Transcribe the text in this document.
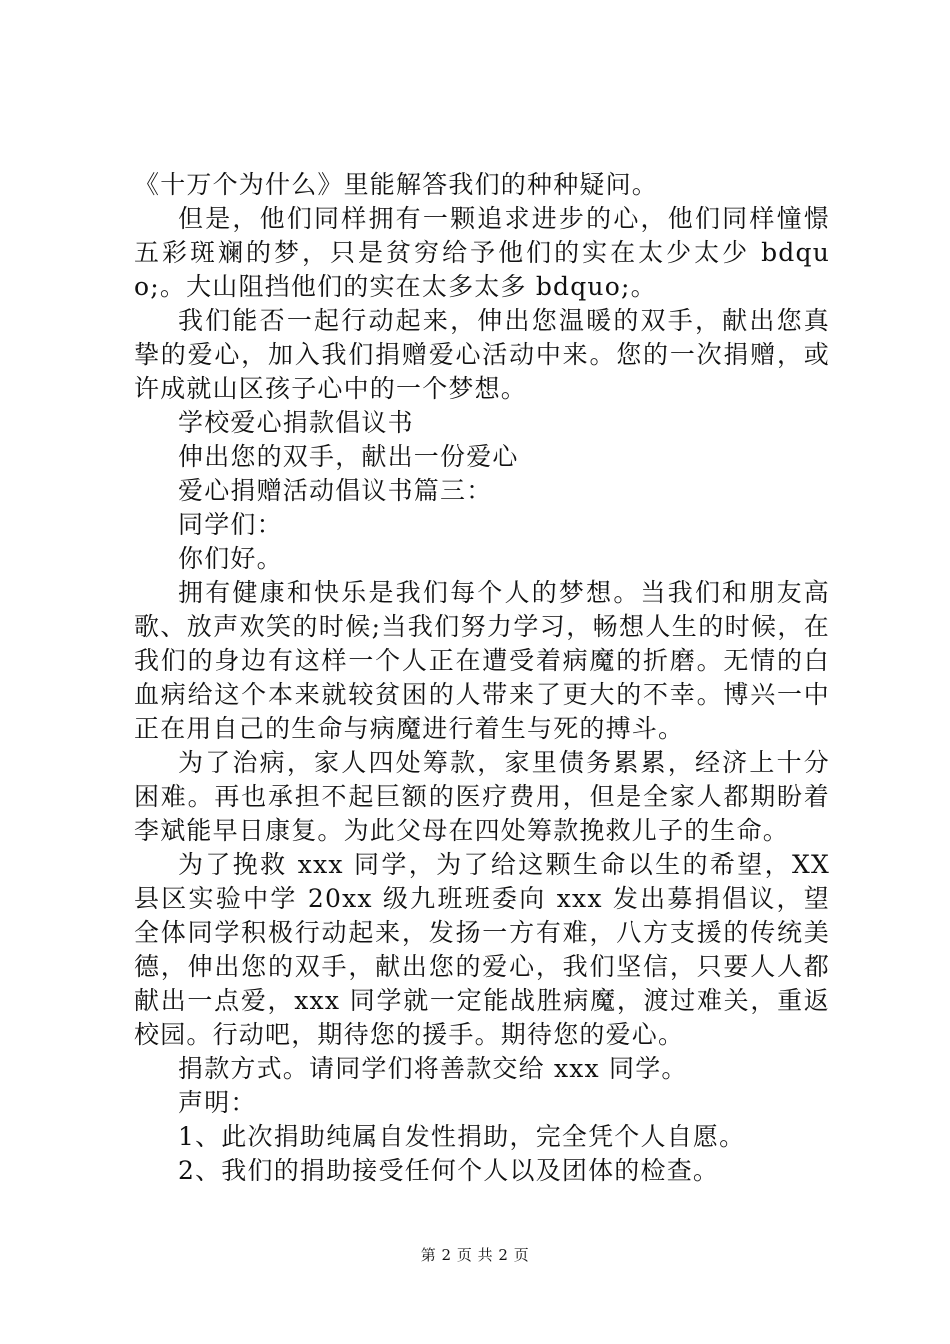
《十万个为什么》里能解答我们的种种疑问。

但是，他们同样拥有一颗追求进步的心，他们同样憧憬五彩斑斓的梦，只是贫穷给予他们的实在太少太少 bdquo;。大山阻挡他们的实在太多太多 bdquo;。

我们能否一起行动起来，伸出您温暖的双手，献出您真挚的爱心，加入我们捐赠爱心活动中来。您的一次捐赠，或许成就山区孩子心中的一个梦想。

学校爱心捐款倡议书

伸出您的双手，献出一份爱心

爱心捐赠活动倡议书篇三：

同学们：

你们好。

拥有健康和快乐是我们每个人的梦想。当我们和朋友高歌、放声欢笑的时候;当我们努力学习，畅想人生的时候，在我们的身边有这样一个人正在遭受着病魔的折磨。无情的白血病给这个本来就较贫困的人带来了更大的不幸。博兴一中正在用自己的生命与病魔进行着生与死的搏斗。

为了治病，家人四处筹款，家里债务累累，经济上十分困难。再也承担不起巨额的医疗费用，但是全家人都期盼着李斌能早日康复。为此父母在四处筹款挽救儿子的生命。

为了挽救 xxx 同学，为了给这颗生命以生的希望，XX 县区实验中学 20xx 级九班班委向 xxx 发出募捐倡议，望全体同学积极行动起来，发扬一方有难，八方支援的传统美德，伸出您的双手，献出您的爱心，我们坚信，只要人人都献出一点爱，xxx 同学就一定能战胜病魔，渡过难关，重返校园。行动吧，期待您的援手。期待您的爱心。

捐款方式。请同学们将善款交给 xxx 同学。

声明：

1、此次捐助纯属自发性捐助，完全凭个人自愿。

2、我们的捐助接受任何个人以及团体的检查。

第 2 页 共 2 页
